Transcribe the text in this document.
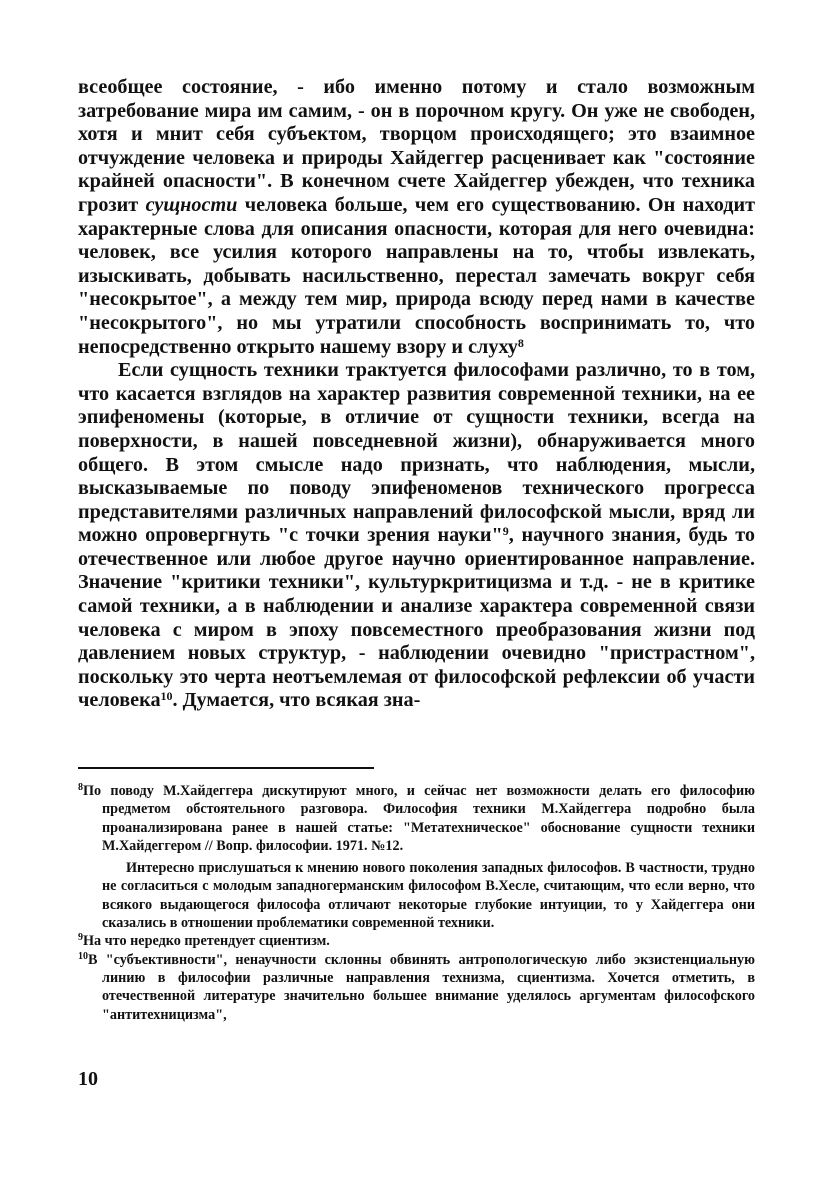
всеобщее состояние, - ибо именно потому и стало возможным затребование мира им самим, - он в порочном кругу. Он уже не свободен, хотя и мнит себя субъектом, творцом происходящего; это взаимное отчуждение человека и природы Хайдеггер расценивает как "состояние крайней опасности". В конечном счете Хайдеггер убежден, что техника грозит сущности человека больше, чем его существованию. Он находит характерные слова для описания опасности, которая для него очевидна: человек, все усилия которого направлены на то, чтобы извлекать, изыскивать, добывать насильственно, перестал замечать вокруг себя "несокрытое", а между тем мир, природа всюду перед нами в качестве "несокрытого", но мы утратили способность воспринимать то, что непосредственно открыто нашему взору и слуху$^8$

Если сущность техники трактуется философами различно, то в том, что касается взглядов на характер развития современной техники, на ее эпифеномены (которые, в отличие от сущности техники, всегда на поверхности, в нашей повседневной жизни), обнаруживается много общего. В этом смысле надо признать, что наблюдения, мысли, высказываемые по поводу эпифеноменов технического прогресса представителями различных направлений философской мысли, вряд ли можно опровергнуть "с точки зрения науки"$^9$, научного знания, будь то отечественное или любое другое научно ориентированное направление. Значение "критики техники", культуркритицизма и т.д. - не в критике самой техники, а в наблюдении и анализе характера современной связи человека с миром в эпоху повсеместного преобразования жизни под давлением новых структур, - наблюдении очевидно "пристрастном", поскольку это черта неотъемлемая от философской рефлексии об участи человека$^{10}$. Думается, что всякая зна-

$^8$По поводу М.Хайдеггера дискутируют много, и сейчас нет возможности делать его философию предметом обстоятельного разговора. Философия техники М.Хайдеггера подробно была проанализирована ранее в нашей статье: "Метатехническое" обоснование сущности техники М.Хайдеггером // Вопр. философии. 1971. №12.

Интересно прислушаться к мнению нового поколения западных философов. В частности, трудно не согласиться с молодым западногерманским философом В.Хесле, считающим, что если верно, что всякого выдающегося философа отличают некоторые глубокие интуиции, то у Хайдеггера они сказались в отношении проблематики современной техники.

$^9$На что нередко претендует сциентизм.

$^{10}$В "субъективности", ненаучности склонны обвинять антропологическую либо экзистенциальную линию в философии различные направления технизма, сциентизма. Хочется отметить, в отечественной литературе значительно большее внимание уделялось аргументам философского "антитехницизма",

10
